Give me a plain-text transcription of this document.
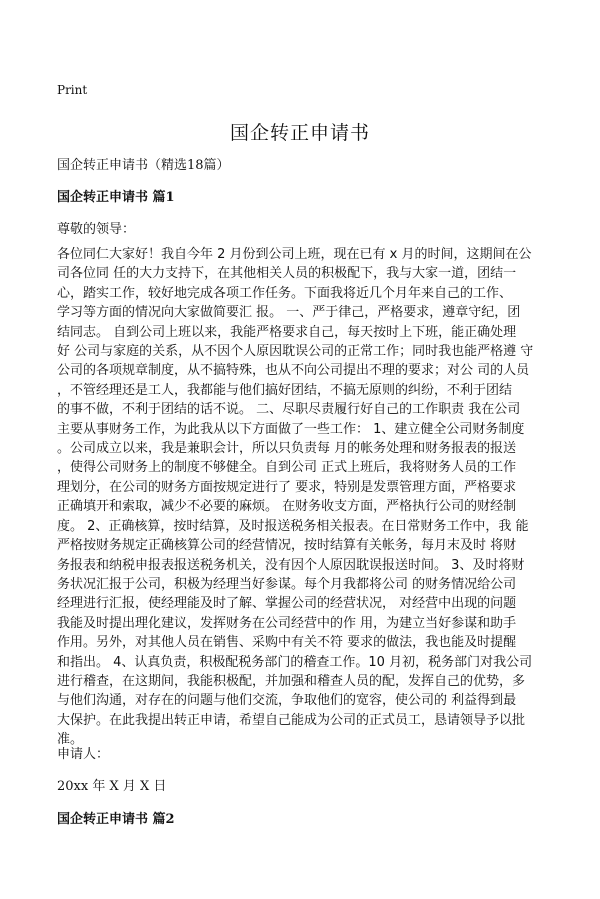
Print
国企转正申请书
国企转正申请书（精选18篇）
国企转正申请书 篇1
尊敬的领导：
各位同仁大家好！我自今年 2 月份到公司上班，现在已有 x 月的时间，这期间在公
司各位同 任的大力支持下，在其他相关人员的积极配下，我与大家一道，团结一
心，踏实工作，较好地完成各项工作任务。下面我将近几个月年来自己的工作、
学习等方面的情况向大家做简要汇 报。 一、严于律己，严格要求，遵章守纪，团
结同志。 自到公司上班以来，我能严格要求自己，每天按时上下班，能正确处理
好 公司与家庭的关系，从不因个人原因耽误公司的正常工作；同时我也能严格遵 守
公司的各项规章制度，从不搞特殊，也从不向公司提出不理的要求；对公 司的人员
，不管经理还是工人，我都能与他们搞好团结，不搞无原则的纠纷，不利于团结
的事不做，不利于团结的话不说。 二、尽职尽责履行好自己的工作职责 我在公司
主要从事财务工作，为此我从以下方面做了一些工作： 1、建立健全公司财务制度
。公司成立以来，我是兼职会计，所以只负责每 月的帐务处理和财务报表的报送
，使得公司财务上的制度不够健全。自到公司 正式上班后，我将财务人员的工作
理划分，在公司的财务方面按规定进行了 要求，特别是发票管理方面，严格要求
正确填开和索取，减少不必要的麻烦。 在财务收支方面，严格执行公司的财经制
度。 2、正确核算，按时结算，及时报送税务相关报表。在日常财务工作中，我 能
严格按财务规定正确核算公司的经营情况，按时结算有关帐务，每月末及时 将财
务报表和纳税申报表报送税务机关，没有因个人原因耽误报送时间。 3、及时将财
务状况汇报于公司，积极为经理当好参谋。每个月我都将公司 的财务情况给公司
经理进行汇报，使经理能及时了解、掌握公司的经营状况， 对经营中出现的问题
我能及时提出理化建议，发挥财务在公司经营中的作 用，为建立当好参谋和助手
作用。另外，对其他人员在销售、采购中有关不符 要求的做法，我也能及时提醒
和指出。 4、认真负责，积极配税务部门的稽查工作。10 月初，税务部门对我公司
进行稽查，在这期间，我能积极配，并加强和稽查人员的配，发挥自己的优势，多
与他们沟通，对存在的问题与他们交流，争取他们的宽容，使公司的 利益得到最
大保护。在此我提出转正申请，希望自己能成为公司的正式员工，恳请领导予以批
准。
申请人：
20xx 年 X 月 X 日
国企转正申请书 篇2
